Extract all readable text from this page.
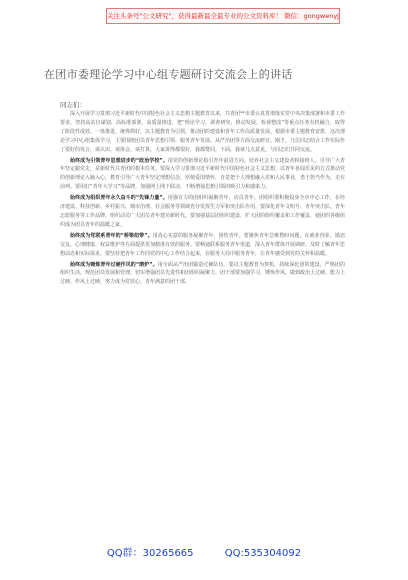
关注头条号"公文研究"，获得最新最全最专业的公文资料库！ 微信：gongwenyj
在团市委理论学习中心组专题研讨交流会上的讲话
同志们：

深入开展学习贯彻习近平新时代中国特色社会主义思想主题教育以来，共青团**市委认真贯彻落实党中央决策部署和市委工作要求，坚持高站位谋划、高标准部署、高质量推进，把“理论学习、调查研究、推动发展、检视整改”等重点任务有机融合，取得了阶段性成效。一体推进、统筹抓好，以主题教育为引领，推动团的建设和青年工作高质量发展。根据市委主题教育安排，这次理论学习中心组集体学习，主要围绕团员青年思想引领、服务青年发展、从严治团等方面交流研讨。刚才，几位同志结合工作实际作了很好的发言，谈认识、谈体会、谈打算，大家讲得都很好，我都赞同。下面，我谈几点意见，与同志们共同交流。

始终成为引领青年思想进步的“政治学校”。用党的创新理论指引青年前进方向。培养社会主义建设者和接班人，引导广大青年坚定跟党走，是新时代共青团的根本任务。要深入学习贯彻习近平新时代中国特色社会主义思想，以青年喜闻乐见的方式推动党的创新理论入脑入心，教育引导广大青年坚定理想信念，厚植爱国情怀，自觉把个人理想融入党和人民事业，勇于担当作为，走在前列。要用好“青年大学习”等品牌，加强网上网下联动，不断增强思想引领的吸引力和感染力。

始终成为组织青年永久奋斗的“先锋力量”。用强有力的团组织凝聚青年、动员青年。团组织要积极投身全市中心工作，在经济建设、科技创新、乡村振兴、城市治理、社会服务等领域充分发挥生力军和突击队作用。要深化青年文明号、青年突击队、青年志愿服务等工作品牌，组织动员广大团员青年建功新时代。要加强基层团组织建设，扩大团的组织覆盖和工作覆盖，使团的各级组织成为团员青年的温暖之家。

始终成为党联系青年的“桥梁纽带”。用真心实意的服务凝聚青年、团结青年。要聚焦青年急难愁盼问题，在就业创业、婚恋交友、心理健康、权益维护等方面提供更加精准有效的服务。要畅通联系服务青年渠道，深入青年群体开展调研，及时了解青年思想动态和实际需求。要坚持把青年工作同党的中心工作结合起来，在服务大局中服务青年，让青年感受到党的关怀和温暖。

始终成为锤炼青年过硬作风的“熔炉”。用全面从严治团锻造过硬队伍。要以主题教育为契机，持续深化团的建设，严格团的组织生活，规范团员发展和管理，切实增强团员先进性和团组织凝聚力。团干部要加强学习、锤炼作风，做到政治上过硬、能力上过硬、作风上过硬，努力成为党放心、青年满意的团干部。

QQ群：30265665	QQ:535304092
